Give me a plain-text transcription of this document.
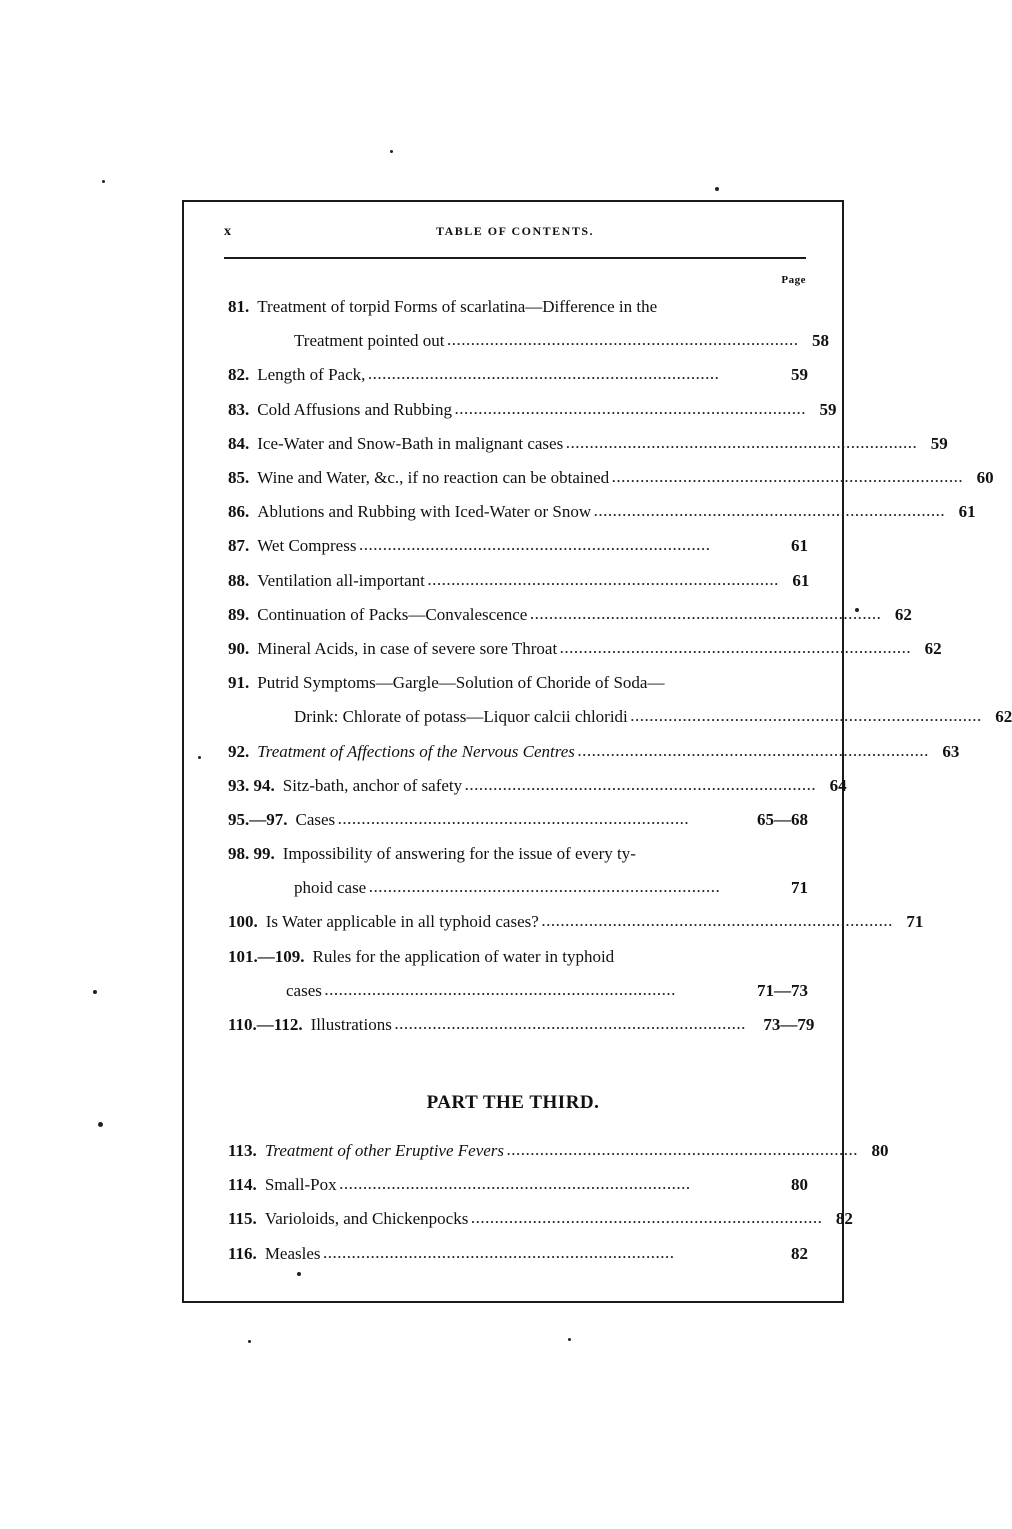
x	TABLE OF CONTENTS.
Page
81. Treatment of torpid Forms of scarlatina—Difference in the
Treatment pointed out .......................................................................... 58
82. Length of Pack, ..........................................................................	59
83. Cold Affusions and Rubbing .......................................................................... 59
84. Ice-Water and Snow-Bath in malignant cases .......................................................................... 59
85. Wine and Water, &c., if no reaction can be obtained .......................................................................... 60
86. Ablutions and Rubbing with Iced-Water or Snow .......................................................................... 61
87. Wet Compress ..........................................................................	61
88. Ventilation all-important .......................................................................... 61
89. Continuation of Packs—Convalescence .......................................................................... 62
90. Mineral Acids, in case of severe sore Throat .......................................................................... 62
91. Putrid Symptoms—Gargle—Solution of Choride of Soda—
Drink: Chlorate of potass—Liquor calcii chloridi .......................................................................... 62
92. Treatment of Affections of the Nervous Centres .......................................................................... 63
93. 94. Sitz-bath, anchor of safety .......................................................................... 64
95.—97. Cases ..........................................................................	65—68
98. 99. Impossibility of answering for the issue of every ty-
phoid case ..........................................................................	71
100. Is Water applicable in all typhoid cases? .......................................................................... 71
101.—109. Rules for the application of water in typhoid
cases ..........................................................................	71—73
110.—112. Illustrations ..........................................................................	73—79
PART THE THIRD.
113. Treatment of other Eruptive Fevers .......................................................................... 80
114. Small-Pox ..........................................................................	80
115. Varioloids, and Chickenpocks .......................................................................... 82
116. Measles ..........................................................................	82
